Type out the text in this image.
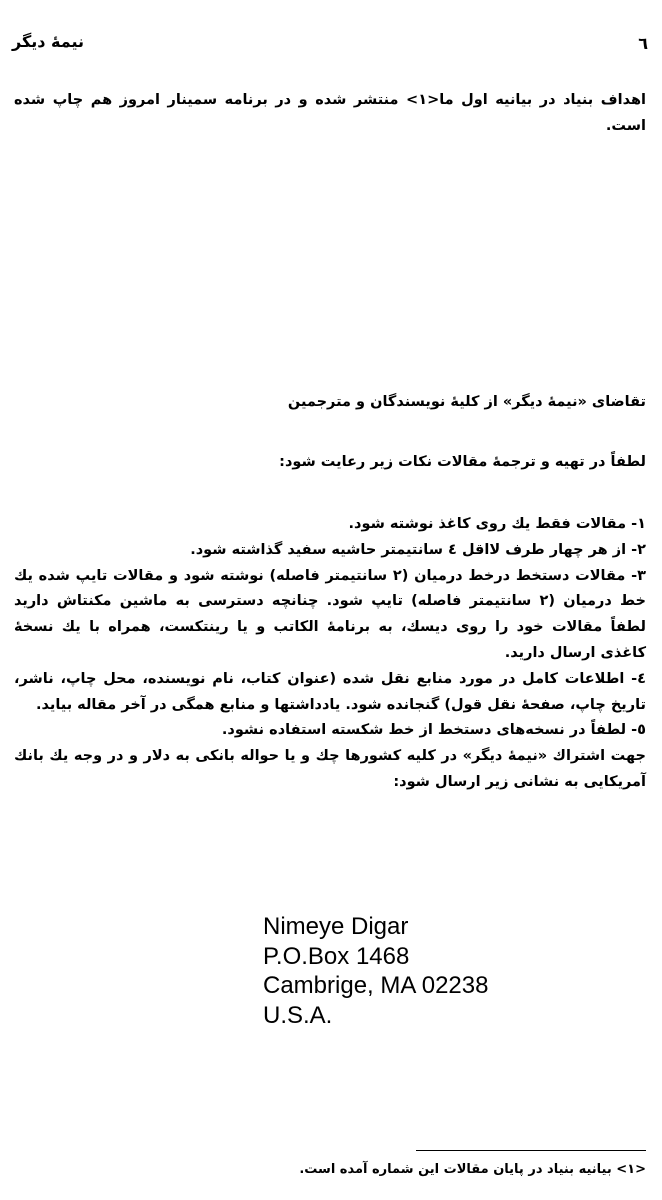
نیمهٔ دیگر	٦

اهداف بنیاد در بیانیه اول ما<١> منتشر شده و در برنامه سمینار امروز هم چاپ شده است.

تقاضای «نیمهٔ دیگر» از کلیهٔ نویسندگان و مترجمین

لطفاً در تهیه و ترجمهٔ مقالات نکات زیر رعایت شود:

١- مقالات فقط یك روی کاغذ نوشته شود.

٢- از هر چهار طرف لااقل ٤ سانتیمتر حاشیه سفید گذاشته شود.

٣- مقالات دستخط درخط درمیان (٢ سانتیمتر فاصله) نوشته شود و مقالات تایپ شده یك خط درمیان (٢ سانتیمتر فاصله) تایپ شود. چنانچه دسترسی به ماشین مکنتاش دارید لطفاً مقالات خود را روی دیسك، به برنامهٔ الکاتب و یا رینتکست، همراه با یك نسخهٔ کاغذی ارسال دارید.

٤- اطلاعات کامل در مورد منابع نقل شده (عنوان کتاب، نام نویسنده، محل چاپ، ناشر، تاریخ چاپ، صفحهٔ نقل قول) گنجانده شود. یادداشتها و منابع همگی در آخر مقاله بیاید.

٥- لطفاً در نسخه‌های دستخط از خط شکسته استفاده نشود.

جهت اشتراك «نیمهٔ دیگر» در کلیه کشورها چك و یا حواله بانکی به دلار و در وجه یك بانك آمریکایی به نشانی زیر ارسال شود:

Nimeye Digar
P.O.Box 1468
Cambrige, MA 02238
U.S.A.
<١> بیانیه بنیاد در پایان مقالات این شماره آمده است.
